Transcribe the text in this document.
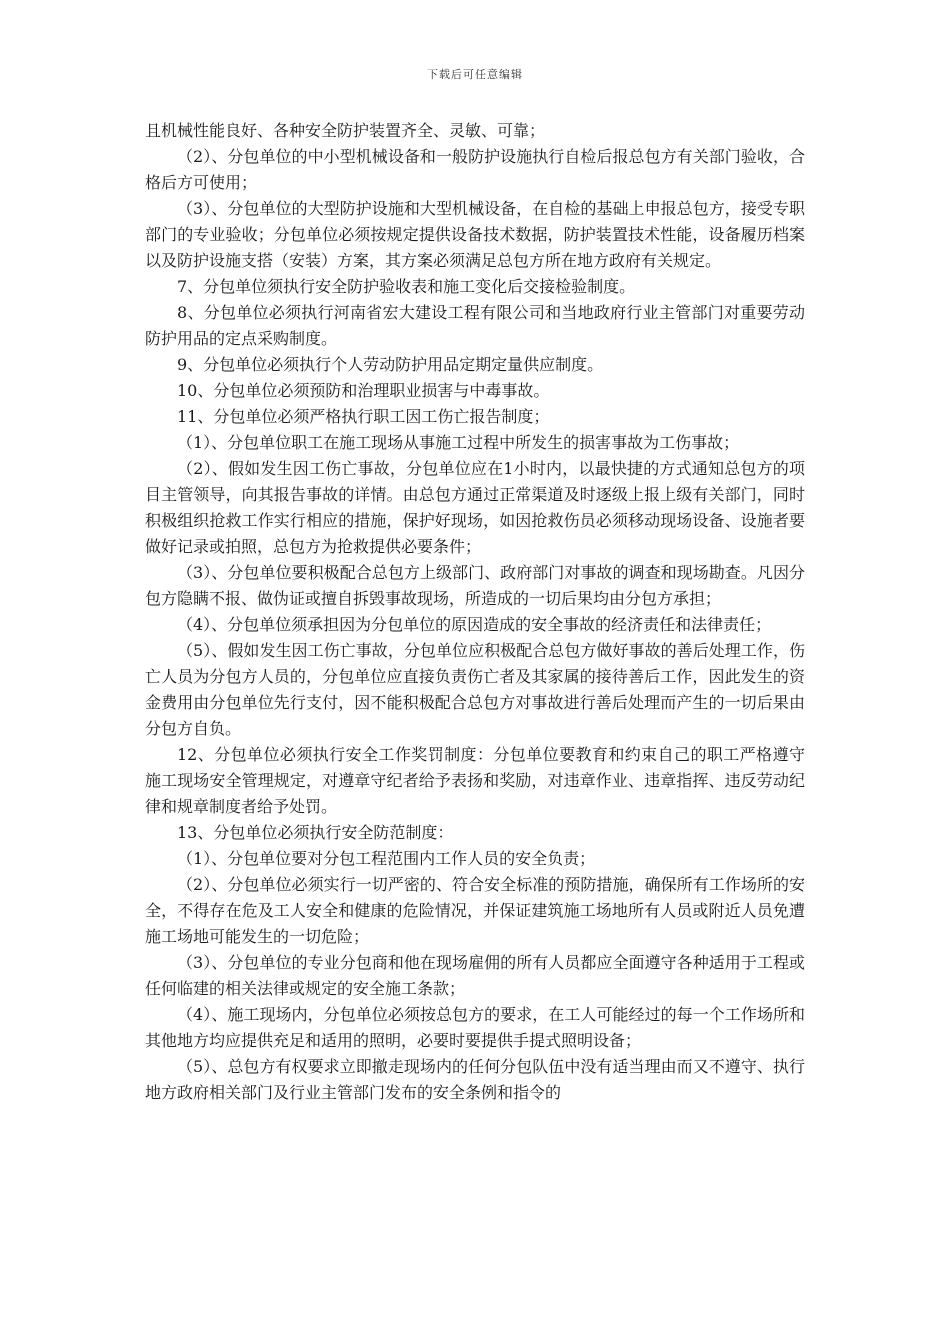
下载后可任意编辑

且机械性能良好、各种安全防护装置齐全、灵敏、可靠；

（2）、分包单位的中小型机械设备和一般防护设施执行自检后报总包方有关部门验收，合格后方可使用；

（3）、分包单位的大型防护设施和大型机械设备，在自检的基础上申报总包方，接受专职部门的专业验收；分包单位必须按规定提供设备技术数据，防护装置技术性能，设备履历档案以及防护设施支搭（安装）方案，其方案必须满足总包方所在地方政府有关规定。

7、分包单位须执行安全防护验收表和施工变化后交接检验制度。

8、分包单位必须执行河南省宏大建设工程有限公司和当地政府行业主管部门对重要劳动防护用品的定点采购制度。

9、分包单位必须执行个人劳动防护用品定期定量供应制度。

10、分包单位必须预防和治理职业损害与中毒事故。

11、分包单位必须严格执行职工因工伤亡报告制度；

（1）、分包单位职工在施工现场从事施工过程中所发生的损害事故为工伤事故；

（2）、假如发生因工伤亡事故，分包单位应在1小时内，以最快捷的方式通知总包方的项目主管领导，向其报告事故的详情。由总包方通过正常渠道及时逐级上报上级有关部门，同时积极组织抢救工作实行相应的措施，保护好现场，如因抢救伤员必须移动现场设备、设施者要做好记录或拍照，总包方为抢救提供必要条件；

（3）、分包单位要积极配合总包方上级部门、政府部门对事故的调查和现场勘查。凡因分包方隐瞒不报、做伪证或擅自拆毁事故现场，所造成的一切后果均由分包方承担；

（4）、分包单位须承担因为分包单位的原因造成的安全事故的经济责任和法律责任；

（5）、假如发生因工伤亡事故，分包单位应积极配合总包方做好事故的善后处理工作，伤亡人员为分包方人员的，分包单位应直接负责伤亡者及其家属的接待善后工作，因此发生的资金费用由分包单位先行支付，因不能积极配合总包方对事故进行善后处理而产生的一切后果由分包方自负。

12、分包单位必须执行安全工作奖罚制度：分包单位要教育和约束自己的职工严格遵守施工现场安全管理规定，对遵章守纪者给予表扬和奖励，对违章作业、违章指挥、违反劳动纪律和规章制度者给予处罚。

13、分包单位必须执行安全防范制度：

（1）、分包单位要对分包工程范围内工作人员的安全负责；

（2）、分包单位必须实行一切严密的、符合安全标准的预防措施，确保所有工作场所的安全，不得存在危及工人安全和健康的危险情况，并保证建筑施工场地所有人员或附近人员免遭施工场地可能发生的一切危险；

（3）、分包单位的专业分包商和他在现场雇佣的所有人员都应全面遵守各种适用于工程或任何临建的相关法律或规定的安全施工条款；

（4）、施工现场内，分包单位必须按总包方的要求，在工人可能经过的每一个工作场所和其他地方均应提供充足和适用的照明，必要时要提供手提式照明设备；

（5）、总包方有权要求立即撤走现场内的任何分包队伍中没有适当理由而又不遵守、执行地方政府相关部门及行业主管部门发布的安全条例和指令的
